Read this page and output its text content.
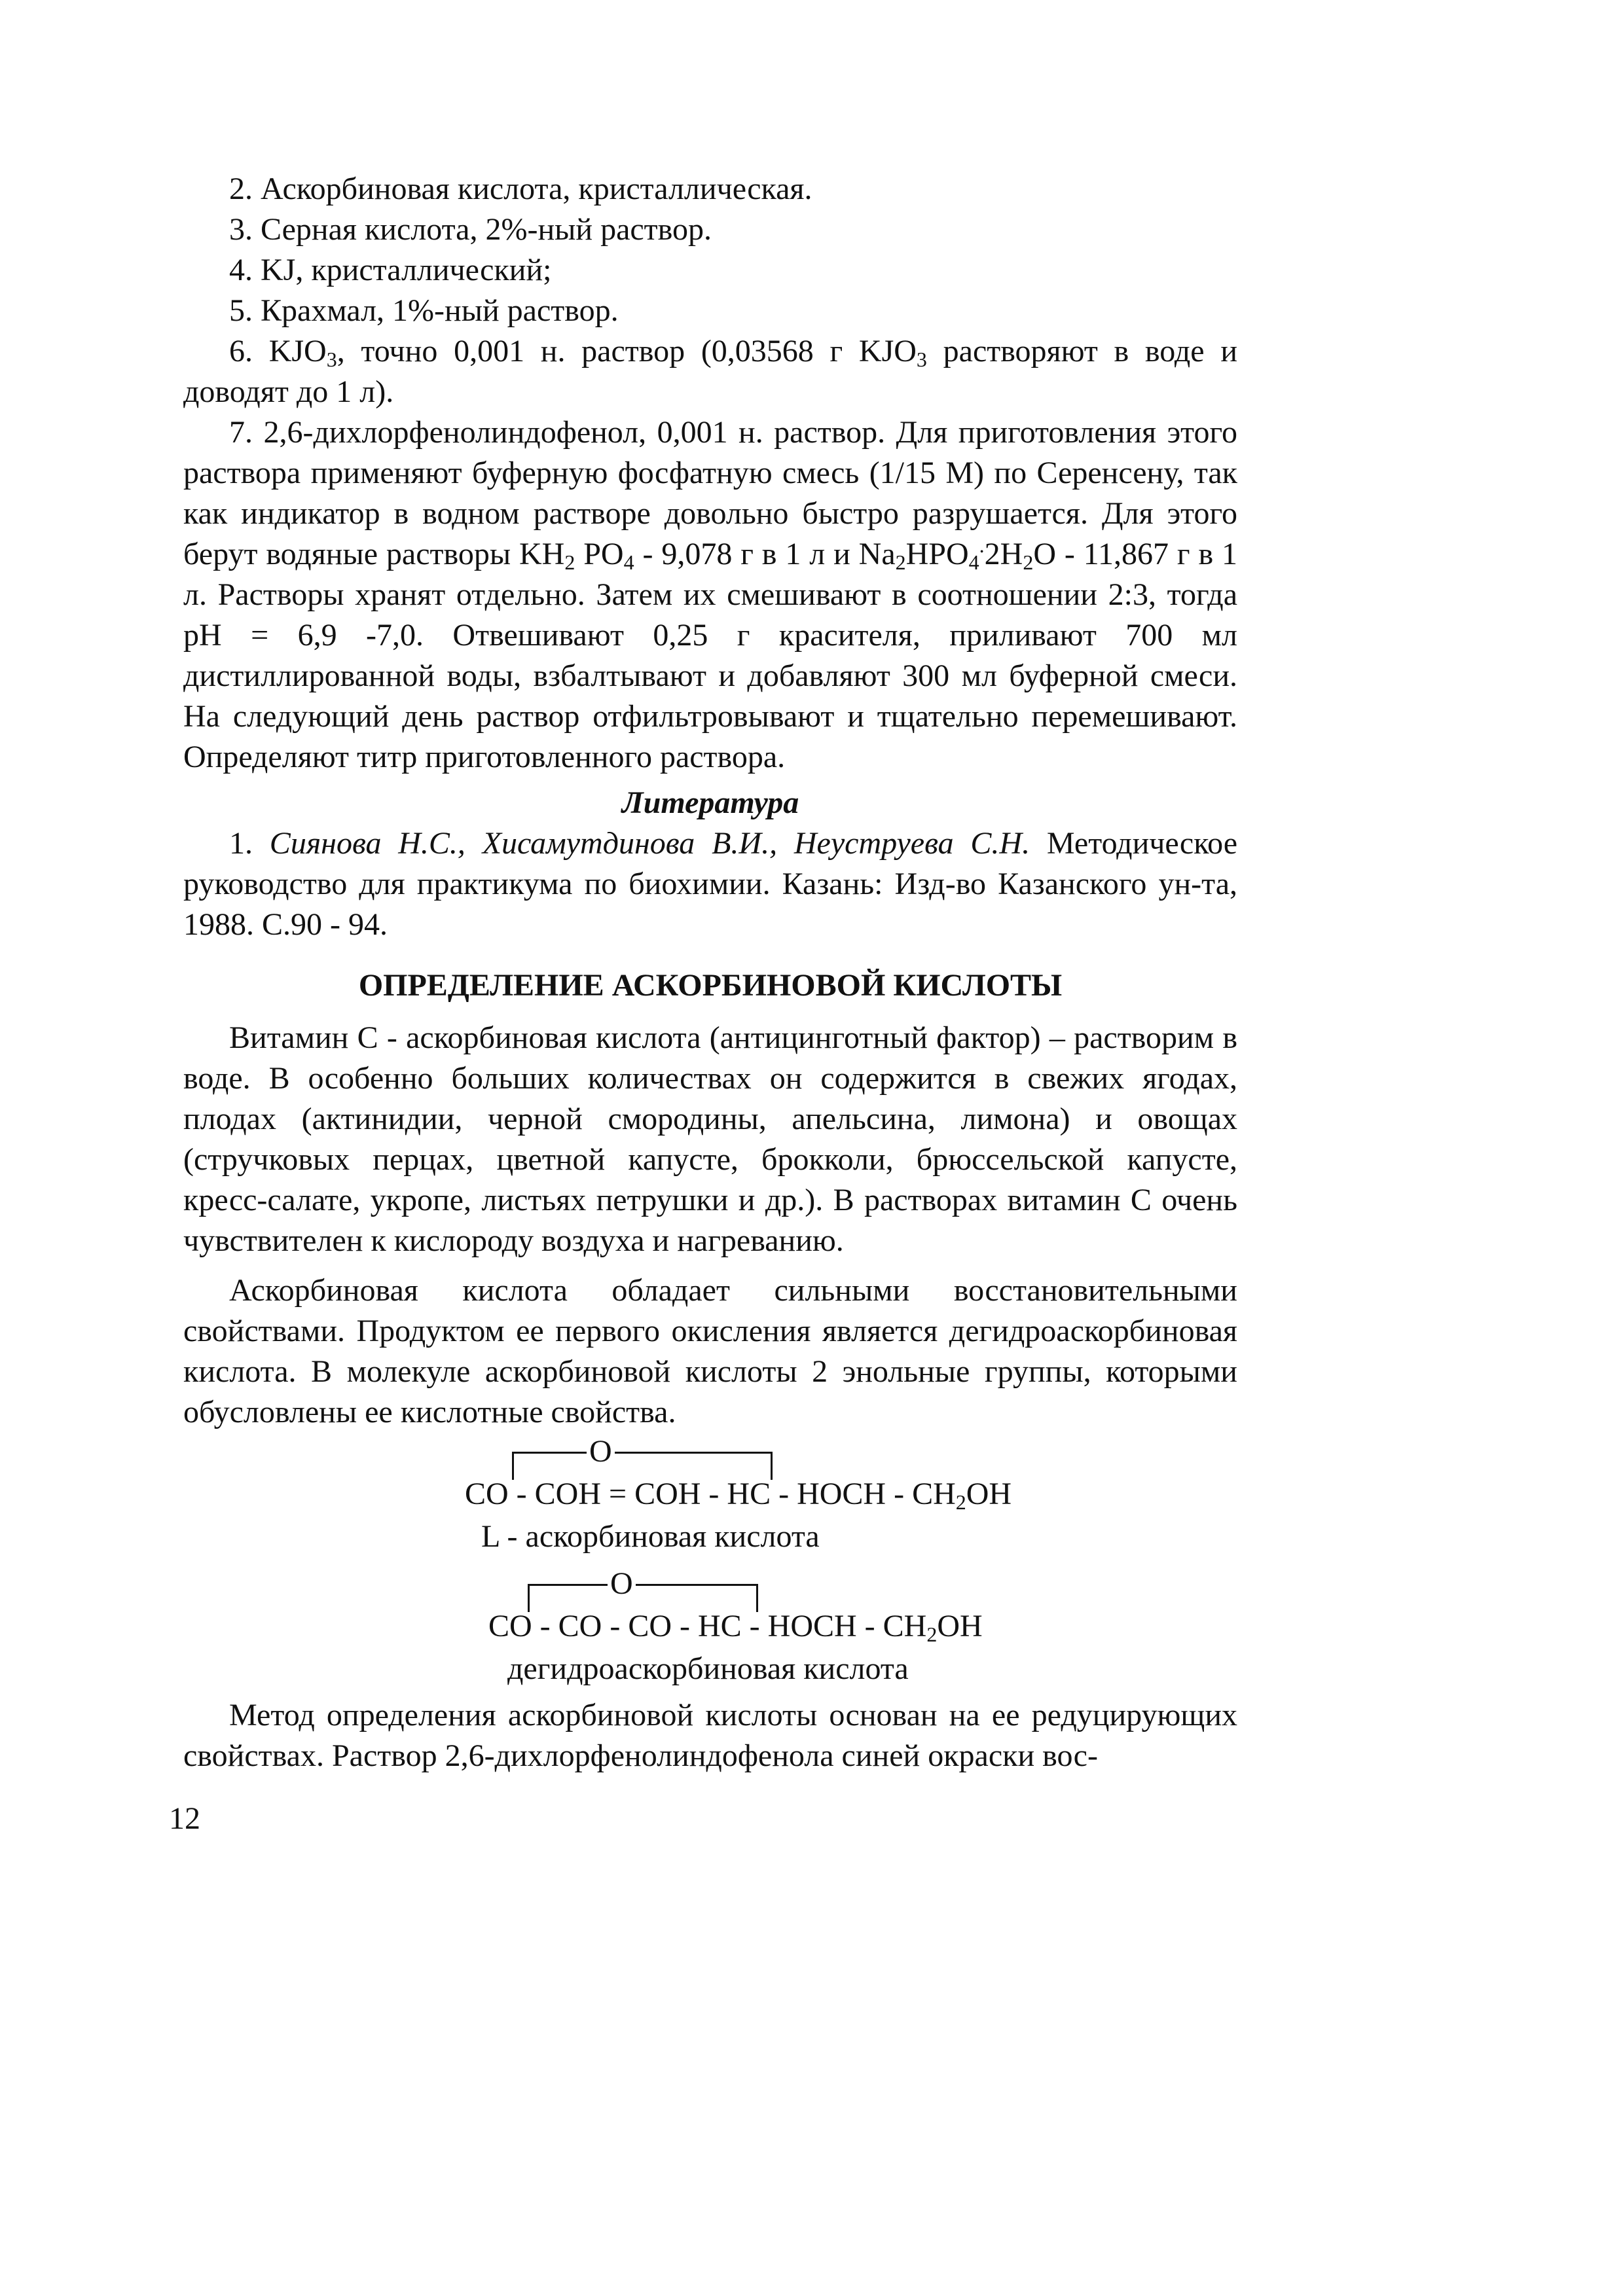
2. Аскорбиновая кислота, кристаллическая.
3. Серная кислота, 2%-ный раствор.
4. KJ, кристаллический;
5. Крахмал, 1%-ный раствор.

6. $KJO_3$, точно 0,001 н. раствор (0,03568 г $KJO_3$ растворяют в воде и доводят до 1 л).

7. 2,6-дихлорфенолиндофенол, 0,001 н. раствор. Для приготовления этого раствора применяют буферную фосфатную смесь (1/15 М) по Серенсену, так как индикатор в водном растворе довольно быстро разрушается. Для этого берут водяные растворы $KH_2$ $PO_4 - 9,078$ г в 1 л и $Na_2HPO_4^.2H_2O - 11,867$ г в 1 л. Растворы хранят отдельно. Затем их смешивают в соотношении 2:3, тогда pH = 6,9 -7,0. Отвешивают 0,25 г красителя, приливают 700 мл дистиллированной воды, взбалтывают и добавляют 300 мл буферной смеси. На следующий день раствор отфильтровывают и тщательно перемешивают. Определяют титр приготовленного раствора.

Литература

1. Сиянова Н.С., Хисамутдинова В.И., Неуструева С.Н. Методическое руководство для практикума по биохимии. Казань: Изд-во Казанского ун-та, 1988. С.90 - 94.

ОПРЕДЕЛЕНИЕ АСКОРБИНОВОЙ КИСЛОТЫ

Витамин С - аскорбиновая кислота (антицинготный фактор) – растворим в воде. В особенно больших количествах он содержится в свежих ягодах, плодах (актинидии, черной смородины, апельсина, лимона) и овощах (стручковых перцах, цветной капусте, брокколи, брюссельской капусте, кресс-салате, укропе, листьях петрушки и др.). В растворах витамин С очень чувствителен к кислороду воздуха и нагреванию.

Аскорбиновая кислота обладает сильными восстановительными свойствами. Продуктом ее первого окисления является дегидроаскорбиновая кислота. В молекуле аскорбиновой кислоты 2 энольные группы, которыми обусловлены ее кислотные свойства.

O
CO - COH = COH - HC - HOCH - $CH_2OH$
L - аскорбиновая кислота
O
CO - CO - CO - HC - HOCH - $CH_2OH$
дегидроаскорбиновая кислота

Метод определения аскорбиновой кислоты основан на ее редуцирующих свойствах. Раствор 2,6-дихлорфенолиндофенола синей окраски вос-

12
